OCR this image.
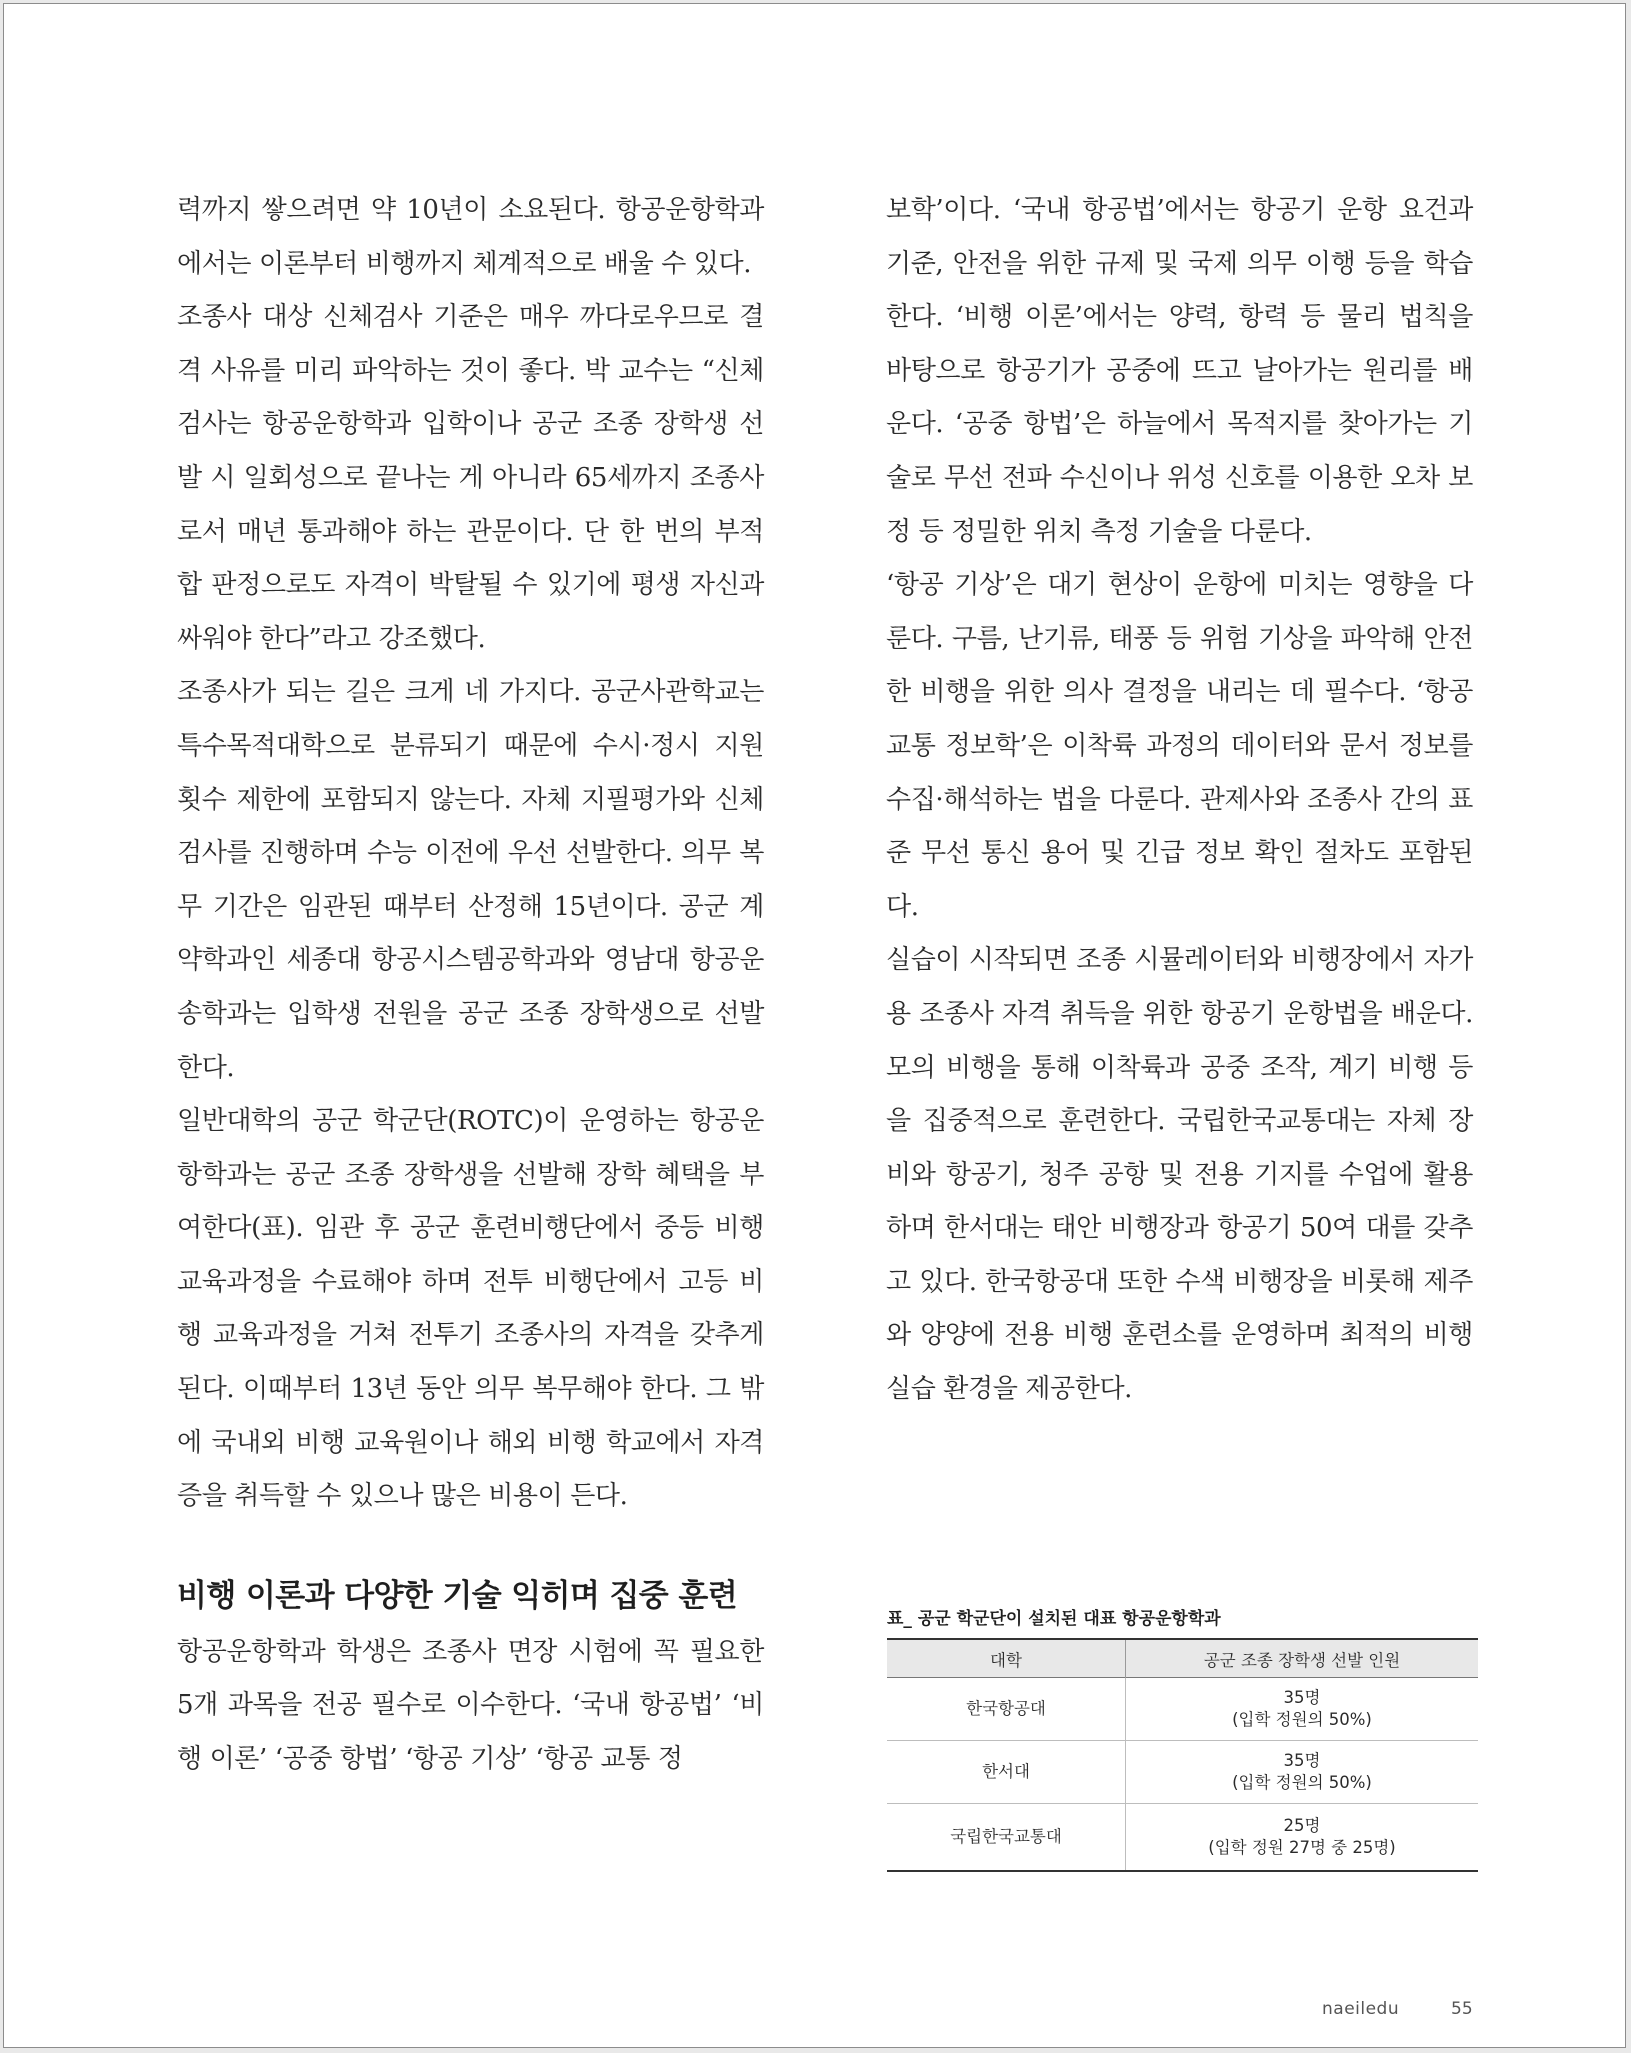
력까지 쌓으려면 약 10년이 소요된다. 항공운항학과에서는 이론부터 비행까지 체계적으로 배울 수 있다.

조종사 대상 신체검사 기준은 매우 까다로우므로 결격 사유를 미리 파악하는 것이 좋다. 박 교수는 “신체검사는 항공운항학과 입학이나 공군 조종 장학생 선발 시 일회성으로 끝나는 게 아니라 65세까지 조종사로서 매년 통과해야 하는 관문이다. 단 한 번의 부적합 판정으로도 자격이 박탈될 수 있기에 평생 자신과 싸워야 한다”라고 강조했다.

조종사가 되는 길은 크게 네 가지다. 공군사관학교는 특수목적대학으로 분류되기 때문에 수시·정시 지원 횟수 제한에 포함되지 않는다. 자체 지필평가와 신체검사를 진행하며 수능 이전에 우선 선발한다. 의무 복무 기간은 임관된 때부터 산정해 15년이다. 공군 계약학과인 세종대 항공시스템공학과와 영남대 항공운송학과는 입학생 전원을 공군 조종 장학생으로 선발한다.

일반대학의 공군 학군단(ROTC)이 운영하는 항공운항학과는 공군 조종 장학생을 선발해 장학 혜택을 부여한다(표). 임관 후 공군 훈련비행단에서 중등 비행 교육과정을 수료해야 하며 전투 비행단에서 고등 비행 교육과정을 거쳐 전투기 조종사의 자격을 갖추게 된다. 이때부터 13년 동안 의무 복무해야 한다. 그 밖에 국내외 비행 교육원이나 해외 비행 학교에서 자격증을 취득할 수 있으나 많은 비용이 든다.

비행 이론과 다양한 기술 익히며 집중 훈련

항공운항학과 학생은 조종사 면장 시험에 꼭 필요한 5개 과목을 전공 필수로 이수한다. ‘국내 항공법’ ‘비행 이론’ ‘공중 항법’ ‘항공 기상’ ‘항공 교통 정

보학’이다. ‘국내 항공법’에서는 항공기 운항 요건과 기준, 안전을 위한 규제 및 국제 의무 이행 등을 학습한다. ‘비행 이론’에서는 양력, 항력 등 물리 법칙을 바탕으로 항공기가 공중에 뜨고 날아가는 원리를 배운다. ‘공중 항법’은 하늘에서 목적지를 찾아가는 기술로 무선 전파 수신이나 위성 신호를 이용한 오차 보정 등 정밀한 위치 측정 기술을 다룬다.

‘항공 기상’은 대기 현상이 운항에 미치는 영향을 다룬다. 구름, 난기류, 태풍 등 위험 기상을 파악해 안전한 비행을 위한 의사 결정을 내리는 데 필수다. ‘항공 교통 정보학’은 이착륙 과정의 데이터와 문서 정보를 수집·해석하는 법을 다룬다. 관제사와 조종사 간의 표준 무선 통신 용어 및 긴급 정보 확인 절차도 포함된다.

실습이 시작되면 조종 시뮬레이터와 비행장에서 자가용 조종사 자격 취득을 위한 항공기 운항법을 배운다. 모의 비행을 통해 이착륙과 공중 조작, 계기 비행 등을 집중적으로 훈련한다. 국립한국교통대는 자체 장비와 항공기, 청주 공항 및 전용 기지를 수업에 활용하며 한서대는 태안 비행장과 항공기 50여 대를 갖추고 있다. 한국항공대 또한 수색 비행장을 비롯해 제주와 양양에 전용 비행 훈련소를 운영하며 최적의 비행 실습 환경을 제공한다.

표_ 공군 학군단이 설치된 대표 항공운항학과

대학	공군 조종 장학생 선발 인원
한국항공대	35명
(입학 정원의 50%)

한서대	35명
(입학 정원의 50%)

국립한국교통대	25명
(입학 정원 27명 중 25명)
naeiledu	55
